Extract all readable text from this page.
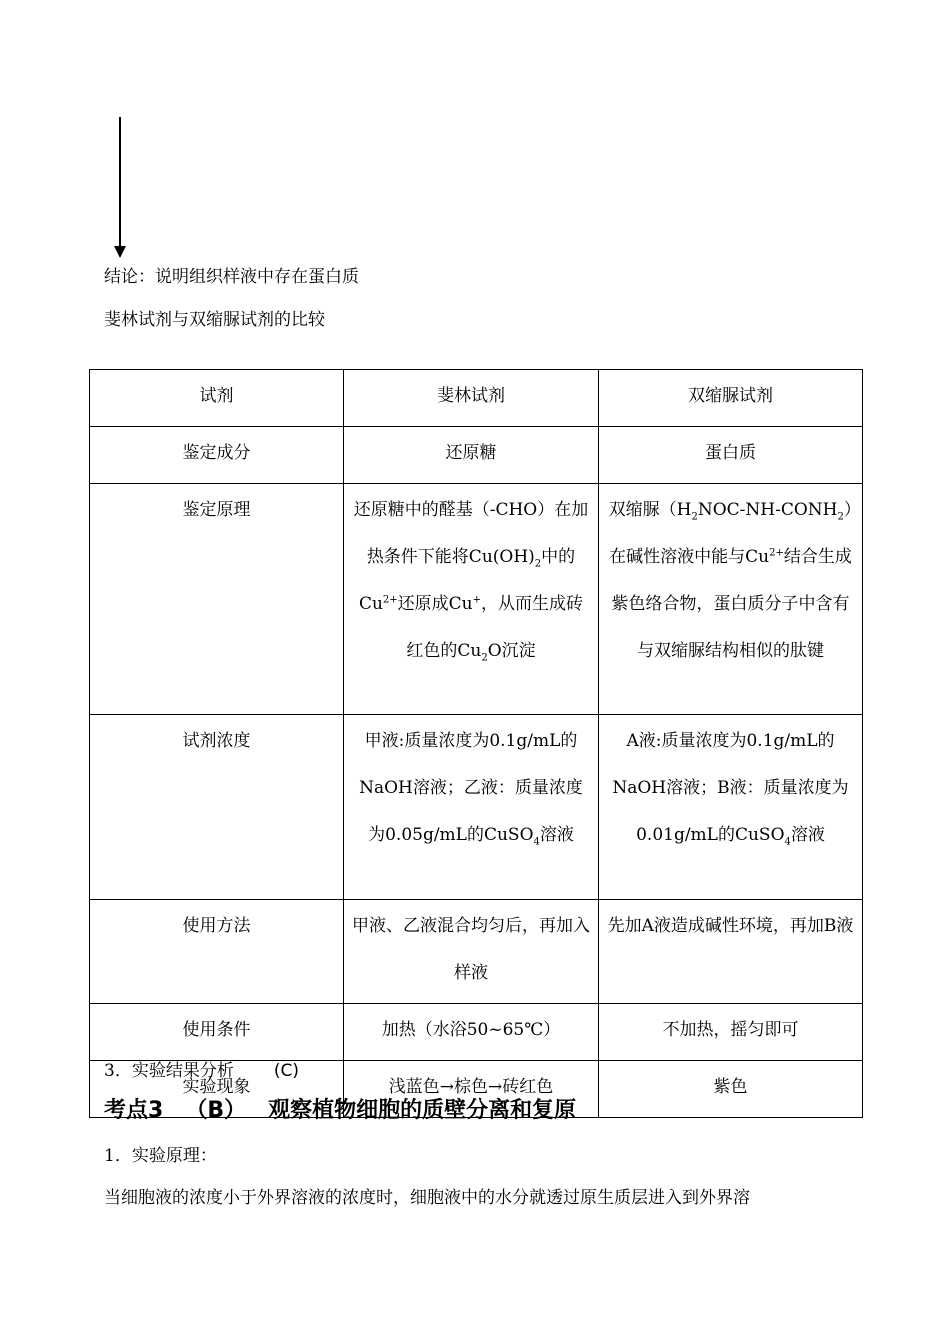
结论：说明组织样液中存在蛋白质
斐林试剂与双缩脲试剂的比较
试剂	斐林试剂	双缩脲试剂
鉴定成分	还原糖	蛋白质
鉴定原理	还原糖中的醛基（-CHO）在加热条件下能将$Cu(OH)_2$中的$Cu^{2+}$还原成Cu+，从而生成砖红色的$Cu_2O$沉淀	双缩脲$(H_2NOC-NH-CONH_2)$在碱性溶液中能与$Cu^{2+}$结合生成紫色络合物，蛋白质分子中含有与双缩脲结构相似的肽键
试剂浓度	甲液:质量浓度为0.1g/mL的NaOH溶液；乙液：质量浓度为0.05g/mL的CuSO$_4$溶液	A液:质量浓度为0.1g/mL的NaOH溶液；B液：质量浓度为0.01g/mL的CuSO$_4$溶液
使用方法	甲液、乙液混合均匀后，再加入样液	先加A液造成碱性环境，再加B液
使用条件	加热（水浴50~65℃）	不加热，摇匀即可
实验现象	浅蓝色→棕色→砖红色	紫色
3．实验结果分析 (C)
考点3 （B） 观察植物细胞的质壁分离和复原
1．实验原理：
当细胞液的浓度小于外界溶液的浓度时，细胞液中的水分就透过原生质层进入到外界溶
